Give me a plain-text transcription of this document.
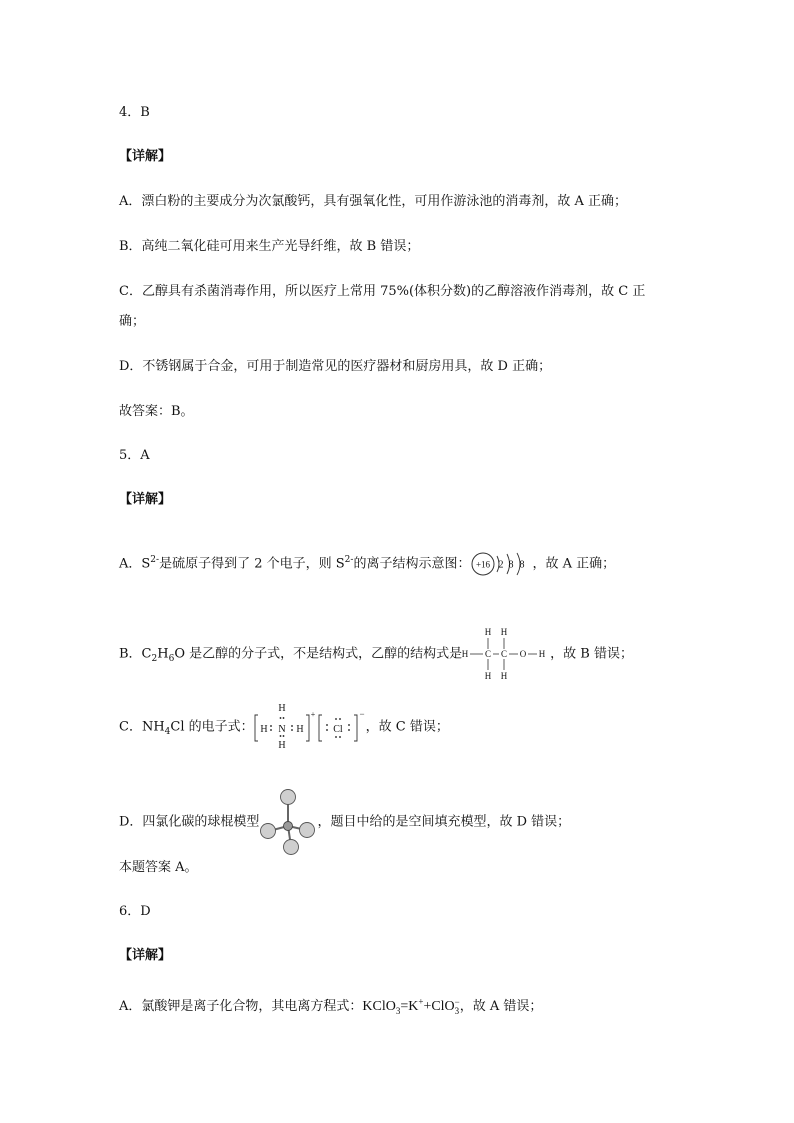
4．B
【详解】
A．漂白粉的主要成分为次氯酸钙，具有强氧化性，可用作游泳池的消毒剂，故 A 正确；
B．高纯二氧化硅可用来生产光导纤维，故 B 错误；
C．乙醇具有杀菌消毒作用，所以医疗上常用 75%(体积分数)的乙醇溶液作消毒剂，故 C 正
确；
D．不锈钢属于合金，可用于制造常见的医疗器材和厨房用具，故 D 正确；
故答案：B。
5．A
【详解】
A．$S^{2-}$是硫原子得到了 2 个电子，则 $S^{2-}$的离子结构示意图： +16 2 8 8 ，故 A 正确；
B．$C_2H_6O$ 是乙醇的分子式，不是结构式，乙醇的结构式是
H H
H C C O H
H H
，故 B 错误；
C．$NH_4Cl$ 的电子式：
H
H N H
H
+
Cl
−
，故 C 错误；
D．四氯化碳的球棍模型	，题目中给的是空间填充模型，故 D 错误；
本题答案 A。
6．D
【详解】
A．氯酸钾是离子化合物，其电离方程式：KClO$_3$=K++ClO −
3 ，故 A 错误；
